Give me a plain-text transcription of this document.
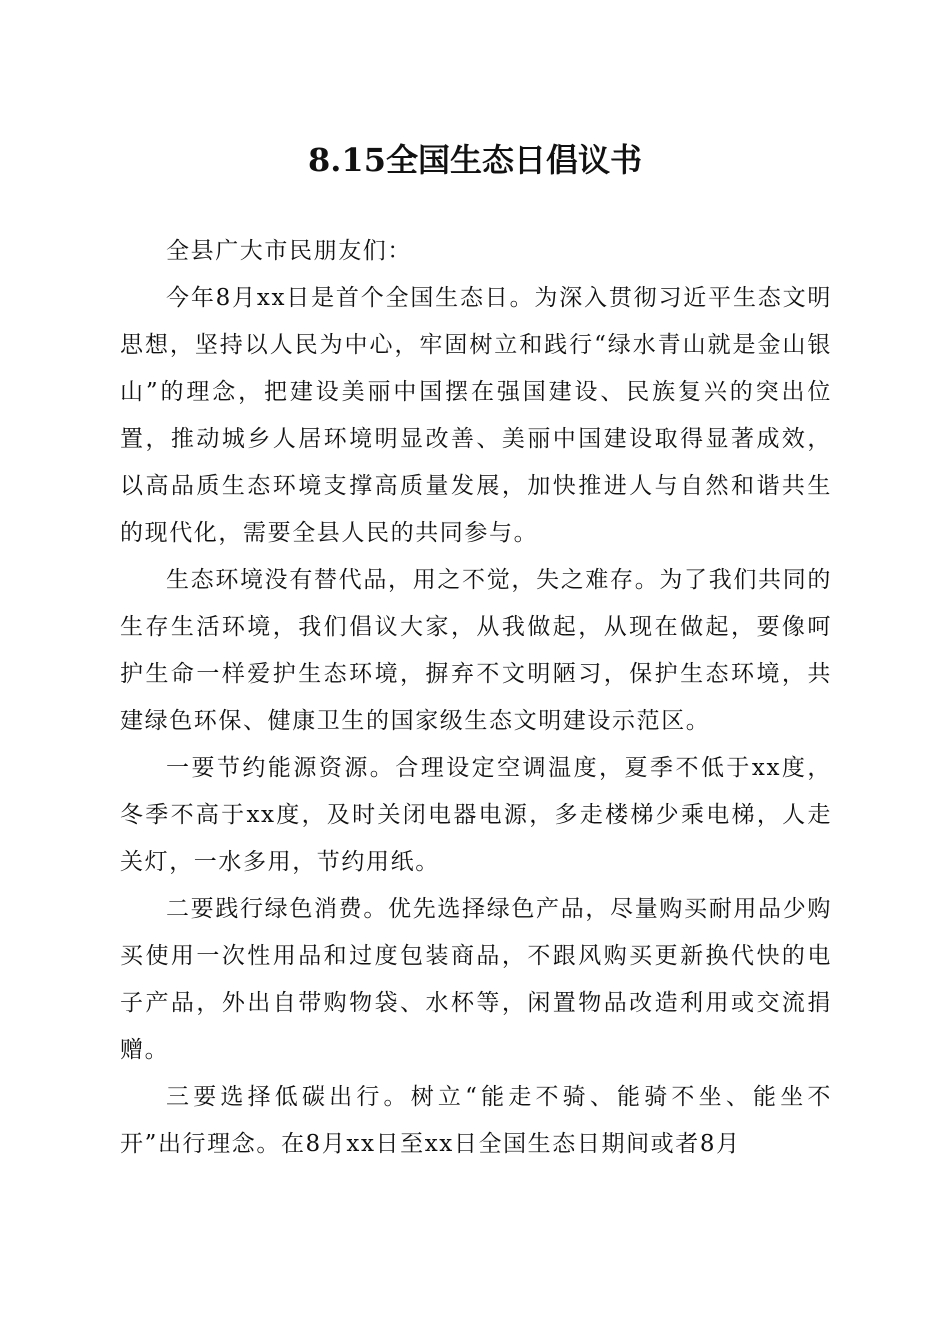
8.15全国生态日倡议书

全县广大市民朋友们：

今年8月xx日是首个全国生态日。为深入贯彻习近平生态文明思想，坚持以人民为中心，牢固树立和践行“绿水青山就是金山银山”的理念，把建设美丽中国摆在强国建设、民族复兴的突出位置，推动城乡人居环境明显改善、美丽中国建设取得显著成效，以高品质生态环境支撑高质量发展，加快推进人与自然和谐共生的现代化，需要全县人民的共同参与。

生态环境没有替代品，用之不觉，失之难存。为了我们共同的生存生活环境，我们倡议大家，从我做起，从现在做起，要像呵护生命一样爱护生态环境，摒弃不文明陋习，保护生态环境，共建绿色环保、健康卫生的国家级生态文明建设示范区。

一要节约能源资源。合理设定空调温度，夏季不低于xx度，冬季不高于xx度，及时关闭电器电源，多走楼梯少乘电梯，人走关灯，一水多用，节约用纸。

二要践行绿色消费。优先选择绿色产品，尽量购买耐用品少购买使用一次性用品和过度包装商品，不跟风购买更新换代快的电子产品，外出自带购物袋、水杯等，闲置物品改造利用或交流捐赠。

三要选择低碳出行。树立“能走不骑、能骑不坐、能坐不开”出行理念。在8月xx日至xx日全国生态日期间或者8月
